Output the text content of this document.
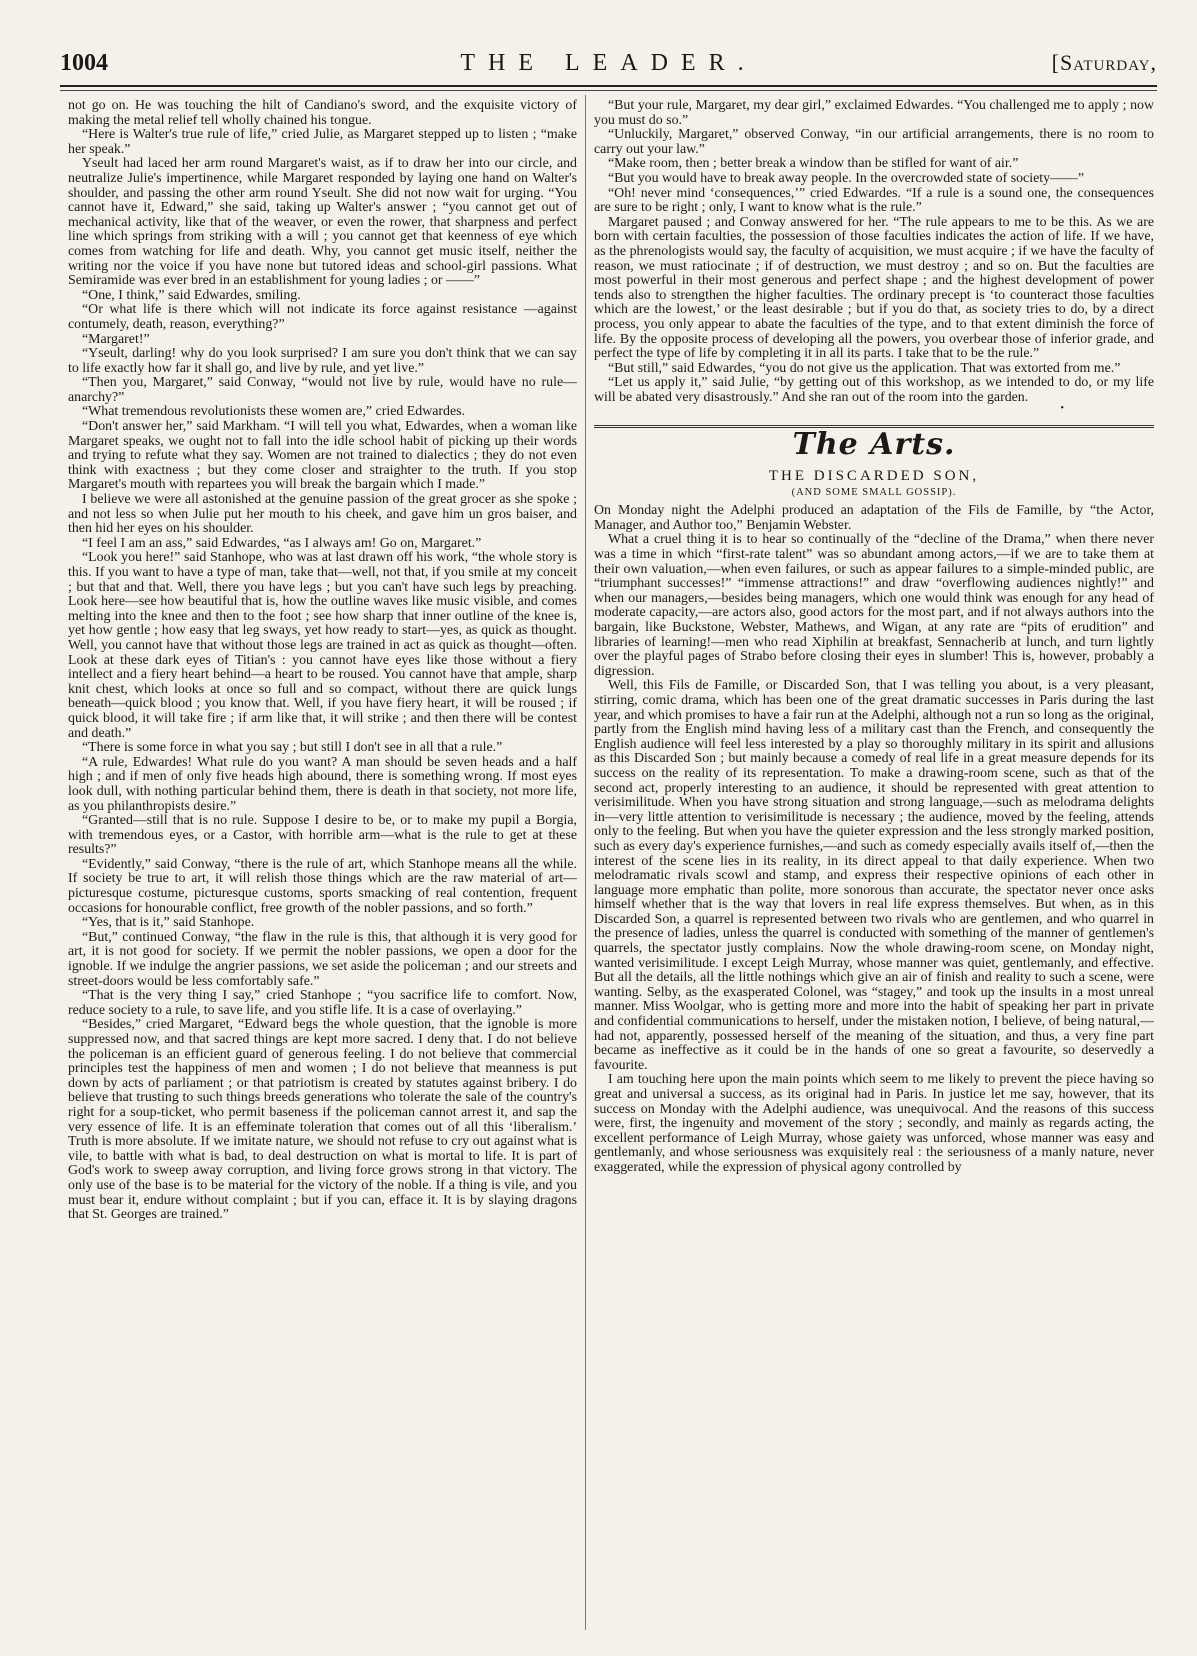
1004	THE LEADER.	[Saturday,

not go on. He was touching the hilt of Candiano's sword, and the exquisite victory of making the metal relief tell wholly chained his tongue.

“Here is Walter's true rule of life,” cried Julie, as Margaret stepped up to listen ; “make her speak.”

Yseult had laced her arm round Margaret's waist, as if to draw her into our circle, and neutralize Julie's impertinence, while Margaret responded by laying one hand on Walter's shoulder, and passing the other arm round Yseult. She did not now wait for urging. “You cannot have it, Edward,” she said, taking up Walter's answer ; “you cannot get out of mechanical activity, like that of the weaver, or even the rower, that sharpness and perfect line which springs from striking with a will ; you cannot get that keenness of eye which comes from watching for life and death. Why, you cannot get music itself, neither the writing nor the voice if you have none but tutored ideas and school-girl passions. What Semiramide was ever bred in an establishment for young ladies ; or ——”

“One, I think,” said Edwardes, smiling.

“Or what life is there which will not indicate its force against resistance —against contumely, death, reason, everything?”

“Margaret!”

“Yseult, darling! why do you look surprised? I am sure you don't think that we can say to life exactly how far it shall go, and live by rule, and yet live.”

“Then you, Margaret,” said Conway, “would not live by rule, would have no rule—anarchy?”

“What tremendous revolutionists these women are,” cried Edwardes.

“Don't answer her,” said Markham. “I will tell you what, Edwardes, when a woman like Margaret speaks, we ought not to fall into the idle school habit of picking up their words and trying to refute what they say. Women are not trained to dialectics ; they do not even think with exactness ; but they come closer and straighter to the truth. If you stop Margaret's mouth with repartees you will break the bargain which I made.”

I believe we were all astonished at the genuine passion of the great grocer as she spoke ; and not less so when Julie put her mouth to his cheek, and gave him un gros baiser, and then hid her eyes on his shoulder.

“I feel I am an ass,” said Edwardes, “as I always am! Go on, Margaret.”

“Look you here!” said Stanhope, who was at last drawn off his work, “the whole story is this. If you want to have a type of man, take that—well, not that, if you smile at my conceit ; but that and that. Well, there you have legs ; but you can't have such legs by preaching. Look here—see how beautiful that is, how the outline waves like music visible, and comes melting into the knee and then to the foot ; see how sharp that inner outline of the knee is, yet how gentle ; how easy that leg sways, yet how ready to start—yes, as quick as thought. Well, you cannot have that without those legs are trained in act as quick as thought—often. Look at these dark eyes of Titian's : you cannot have eyes like those without a fiery intellect and a fiery heart behind—a heart to be roused. You cannot have that ample, sharp knit chest, which looks at once so full and so compact, without there are quick lungs beneath—quick blood ; you know that. Well, if you have fiery heart, it will be roused ; if quick blood, it will take fire ; if arm like that, it will strike ; and then there will be contest and death.”

“There is some force in what you say ; but still I don't see in all that a rule.”

“A rule, Edwardes! What rule do you want? A man should be seven heads and a half high ; and if men of only five heads high abound, there is something wrong. If most eyes look dull, with nothing particular behind them, there is death in that society, not more life, as you philanthropists desire.”

“Granted—still that is no rule. Suppose I desire to be, or to make my pupil a Borgia, with tremendous eyes, or a Castor, with horrible arm—what is the rule to get at these results?”

“Evidently,” said Conway, “there is the rule of art, which Stanhope means all the while. If society be true to art, it will relish those things which are the raw material of art—picturesque costume, picturesque customs, sports smacking of real contention, frequent occasions for honourable conflict, free growth of the nobler passions, and so forth.”

“Yes, that is it,” said Stanhope.

“But,” continued Conway, “the flaw in the rule is this, that although it is very good for art, it is not good for society. If we permit the nobler passions, we open a door for the ignoble. If we indulge the angrier passions, we set aside the policeman ; and our streets and street-doors would be less comfortably safe.”

“That is the very thing I say,” cried Stanhope ; “you sacrifice life to comfort. Now, reduce society to a rule, to save life, and you stifle life. It is a case of overlaying.”

“Besides,” cried Margaret, “Edward begs the whole question, that the ignoble is more suppressed now, and that sacred things are kept more sacred. I deny that. I do not believe the policeman is an efficient guard of generous feeling. I do not believe that commercial principles test the happiness of men and women ; I do not believe that meanness is put down by acts of parliament ; or that patriotism is created by statutes against bribery. I do believe that trusting to such things breeds generations who tolerate the sale of the country's right for a soup-ticket, who permit baseness if the policeman cannot arrest it, and sap the very essence of life. It is an effeminate toleration that comes out of all this ‘liberalism.’ Truth is more absolute. If we imitate nature, we should not refuse to cry out against what is vile, to battle with what is bad, to deal destruction on what is mortal to life. It is part of God's work to sweep away corruption, and living force grows strong in that victory. The only use of the base is to be material for the victory of the noble. If a thing is vile, and you must bear it, endure without complaint ; but if you can, efface it. It is by slaying dragons that St. Georges are trained.”

“But your rule, Margaret, my dear girl,” exclaimed Edwardes. “You challenged me to apply ; now you must do so.”

“Unluckily, Margaret,” observed Conway, “in our artificial arrangements, there is no room to carry out your law.”

“Make room, then ; better break a window than be stifled for want of air.”

“But you would have to break away people. In the overcrowded state of society——”

“Oh! never mind ‘consequences,’” cried Edwardes. “If a rule is a sound one, the consequences are sure to be right ; only, I want to know what is the rule.”

Margaret paused ; and Conway answered for her. “The rule appears to me to be this. As we are born with certain faculties, the possession of those faculties indicates the action of life. If we have, as the phrenologists would say, the faculty of acquisition, we must acquire ; if we have the faculty of reason, we must ratiocinate ; if of destruction, we must destroy ; and so on. But the faculties are most powerful in their most generous and perfect shape ; and the highest development of power tends also to strengthen the higher faculties. The ordinary precept is ‘to counteract those faculties which are the lowest,’ or the least desirable ; but if you do that, as society tries to do, by a direct process, you only appear to abate the faculties of the type, and to that extent diminish the force of life. By the opposite process of developing all the powers, you overbear those of inferior grade, and perfect the type of life by completing it in all its parts. I take that to be the rule.”

“But still,” said Edwardes, “you do not give us the application. That was extorted from me.”

“Let us apply it,” said Julie, “by getting out of this workshop, as we intended to do, or my life will be abated very disastrously.” And she ran out of the room into the garden.

•
The Arts.
THE DISCARDED SON,
(AND SOME SMALL GOSSIP).

On Monday night the Adelphi produced an adaptation of the Fils de Famille, by “the Actor, Manager, and Author too,” Benjamin Webster.

What a cruel thing it is to hear so continually of the “decline of the Drama,” when there never was a time in which “first-rate talent” was so abundant among actors,—if we are to take them at their own valuation,—when even failures, or such as appear failures to a simple-minded public, are “triumphant successes!” “immense attractions!” and draw “overflowing audiences nightly!” and when our managers,—besides being managers, which one would think was enough for any head of moderate capacity,—are actors also, good actors for the most part, and if not always authors into the bargain, like Buckstone, Webster, Mathews, and Wigan, at any rate are “pits of erudition” and libraries of learning!—men who read Xiphilin at breakfast, Sennacherib at lunch, and turn lightly over the playful pages of Strabo before closing their eyes in slumber! This is, however, probably a digression.

Well, this Fils de Famille, or Discarded Son, that I was telling you about, is a very pleasant, stirring, comic drama, which has been one of the great dramatic successes in Paris during the last year, and which promises to have a fair run at the Adelphi, although not a run so long as the original, partly from the English mind having less of a military cast than the French, and consequently the English audience will feel less interested by a play so thoroughly military in its spirit and allusions as this Discarded Son ; but mainly because a comedy of real life in a great measure depends for its success on the reality of its representation. To make a drawing-room scene, such as that of the second act, properly interesting to an audience, it should be represented with great attention to verisimilitude. When you have strong situation and strong language,—such as melodrama delights in—very little attention to verisimilitude is necessary ; the audience, moved by the feeling, attends only to the feeling. But when you have the quieter expression and the less strongly marked position, such as every day's experience furnishes,—and such as comedy especially avails itself of,—then the interest of the scene lies in its reality, in its direct appeal to that daily experience. When two melodramatic rivals scowl and stamp, and express their respective opinions of each other in language more emphatic than polite, more sonorous than accurate, the spectator never once asks himself whether that is the way that lovers in real life express themselves. But when, as in this Discarded Son, a quarrel is represented between two rivals who are gentlemen, and who quarrel in the presence of ladies, unless the quarrel is conducted with something of the manner of gentlemen's quarrels, the spectator justly complains. Now the whole drawing-room scene, on Monday night, wanted verisimilitude. I except Leigh Murray, whose manner was quiet, gentlemanly, and effective. But all the details, all the little nothings which give an air of finish and reality to such a scene, were wanting. Selby, as the exasperated Colonel, was “stagey,” and took up the insults in a most unreal manner. Miss Woolgar, who is getting more and more into the habit of speaking her part in private and confidential communications to herself, under the mistaken notion, I believe, of being natural,—had not, apparently, possessed herself of the meaning of the situation, and thus, a very fine part became as ineffective as it could be in the hands of one so great a favourite, so deservedly a favourite.

I am touching here upon the main points which seem to me likely to prevent the piece having so great and universal a success, as its original had in Paris. In justice let me say, however, that its success on Monday with the Adelphi audience, was unequivocal. And the reasons of this success were, first, the ingenuity and movement of the story ; secondly, and mainly as regards acting, the excellent performance of Leigh Murray, whose gaiety was unforced, whose manner was easy and gentlemanly, and whose seriousness was exquisitely real : the seriousness of a manly nature, never exaggerated, while the expression of physical agony controlled by
